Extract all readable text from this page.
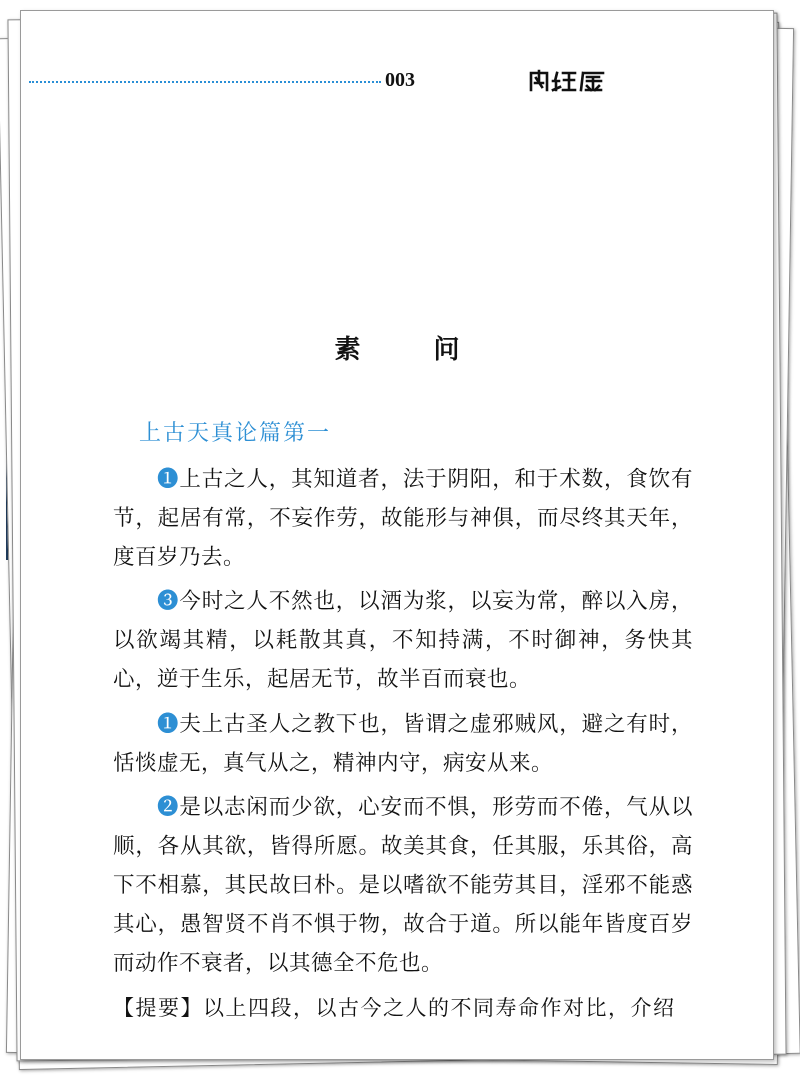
003
素 问
上古天真论篇第一

❶上古之人，其知道者，法于阴阳，和于术数，食饮有节，起居有常，不妄作劳，故能形与神俱，而尽终其天年，度百岁乃去。

❸今时之人不然也，以酒为浆，以妄为常，醉以入房，以欲竭其精，以耗散其真，不知持满，不时御神，务快其心，逆于生乐，起居无节，故半百而衰也。

❶夫上古圣人之教下也，皆谓之虚邪贼风，避之有时，恬惔虚无，真气从之，精神内守，病安从来。

❷是以志闲而少欲，心安而不惧，形劳而不倦，气从以顺，各从其欲，皆得所愿。故美其食，任其服，乐其俗，高下不相慕，其民故曰朴。是以嗜欲不能劳其目，淫邪不能惑其心，愚智贤不肖不惧于物，故合于道。所以能年皆度百岁而动作不衰者，以其德全不危也。

【提要】以上四段，以古今之人的不同寿命作对比，介绍
